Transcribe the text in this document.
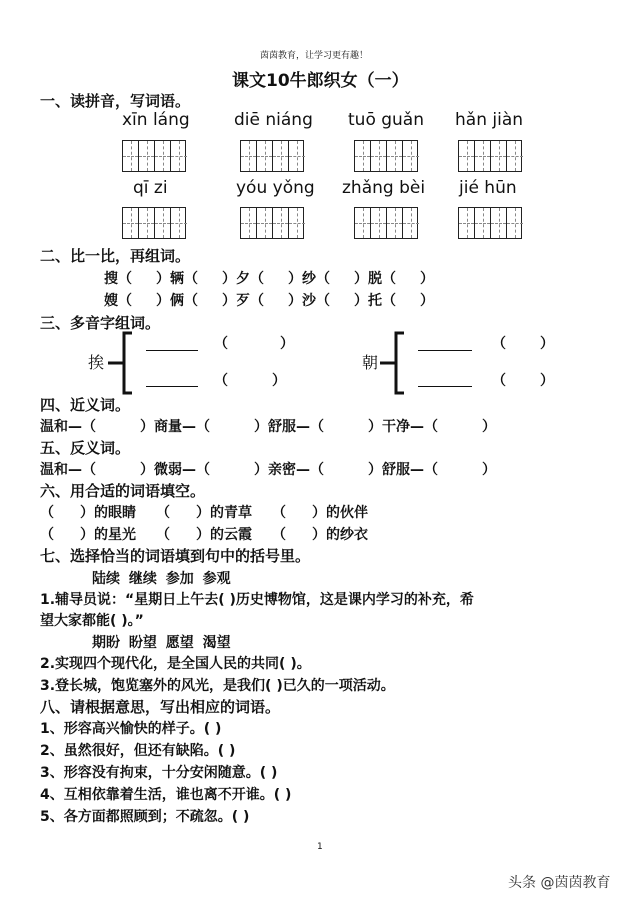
茵茵教育，让学习更有趣！
课文10牛郎织女（一）
一、读拼音，写词语。
xīn láng	diē niáng tuō guǎn hǎn jiàn
qī zi	yóu yǒng zhǎng bèi jié hūn
二、比一比，再组词。
搜（ ）辆（ ）夕（ ）纱（ ）脱（ ）
嫂（ ）俩（ ）歹（ ）沙（ ）托（ ）
三、多音字组词。
挨
（	）
（	）
朝
（ ）
（ ）
四、近义词。
温和—（	）商量—（	）舒服—（	）干净—（	）
五、反义词。
温和—（	）微弱—（	）亲密—（	）舒服—（	）
六、用合适的词语填空。
（ ）的眼睛 （ ）的青草 （ ）的伙伴
（ ）的星光 （ ）的云霞 （ ）的纱衣
七、选择恰当的词语填到句中的括号里。
陆续 继续 参加 参观
1.辅导员说：“星期日上午去( )历史博物馆，这是课内学习的补充，希
望大家都能( )。”
期盼 盼望 愿望 渴望
2.实现四个现代化，是全国人民的共同( )。
3.登长城，饱览塞外的风光，是我们( )已久的一项活动。
八、请根据意思，写出相应的词语。
1、形容高兴愉快的样子。( )
2、虽然很好，但还有缺陷。( )
3、形容没有拘束，十分安闲随意。( )
4、互相依靠着生活，谁也离不开谁。( )
5、各方面都照顾到；不疏忽。( )
1
头条 @茵茵教育
